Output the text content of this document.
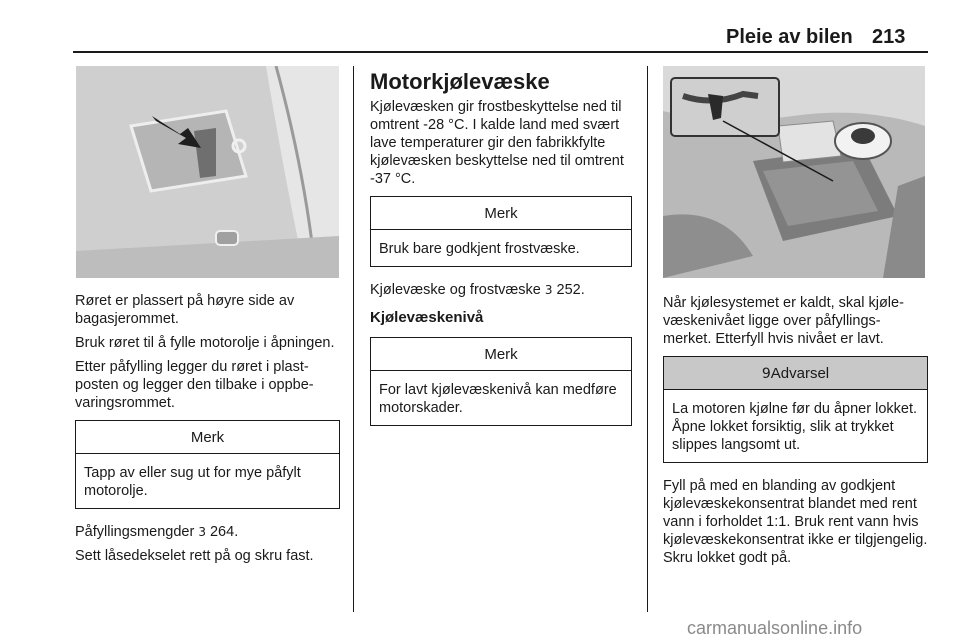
Pleie av bilen 213

Røret er plassert på høyre side av bagasjerommet.

Bruk røret til å fylle motorolje i åpningen.

Etter påfylling legger du røret i plast-posten og legger den tilbake i oppbe-varingsrommet.

Merk
Tapp av eller sug ut for mye påfylt motorolje.

Påfyllingsmengder 3 264.

Sett låsedekselet rett på og skru fast.

Motorkjølevæske

Kjølevæsken gir frostbeskyttelse ned til omtrent -28 °C. I kalde land med svært lave temperaturer gir den fabrikkfylte kjølevæsken beskyttelse ned til omtrent -37 °C.

Merk
Bruk bare godkjent frostvæske.

Kjølevæske og frostvæske 3 252.

Kjølevæskenivå
Merk
For lavt kjølevæskenivå kan medføre motorskader.

Når kjølesystemet er kaldt, skal kjøle-væskenivået ligge over påfyllings-merket. Etterfyll hvis nivået er lavt.

9Advarsel
La motoren kjølne før du åpner lokket. Åpne lokket forsiktig, slik at trykket slippes langsomt ut.

Fyll på med en blanding av godkjent kjølevæskekonsentrat blandet med rent vann i forholdet 1:1. Bruk rent vann hvis kjølevæskekonsentrat ikke er tilgjengelig. Skru lokket godt på.

carmanualsonline.info
